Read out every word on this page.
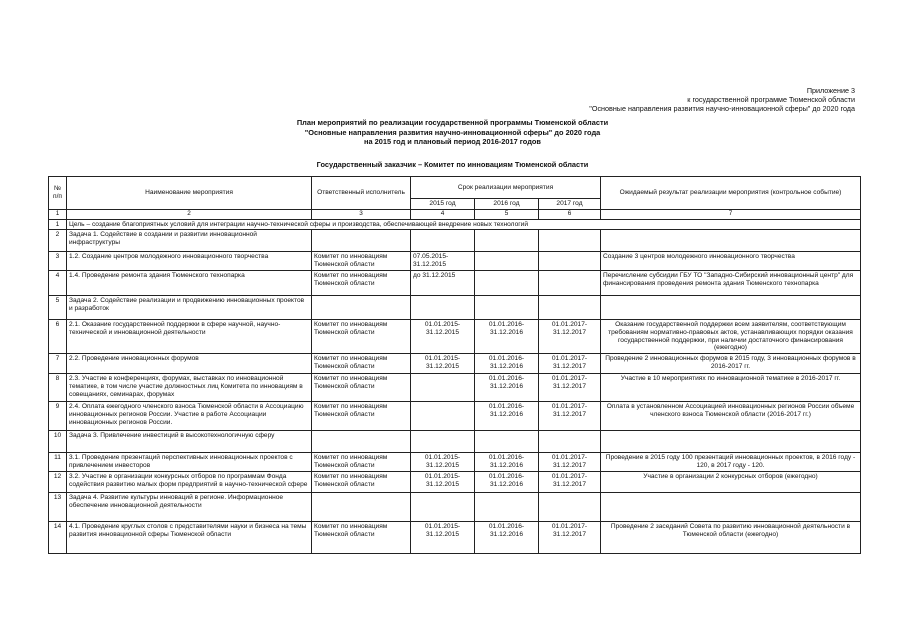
Приложение 3
к государственной программе Тюменской области
"Основные направления развития научно-инновационной сферы" до 2020 года
План мероприятий по реализации государственной программы Тюменской области
"Основные направления развития научно-инновационной сферы" до 2020 года
на 2015 год и плановый период 2016-2017 годов
Государственный заказчик – Комитет по инновациям Тюменской области
№ п/п	Наименование мероприятия	Ответственный исполнитель	Срок реализации мероприятия			Ожидаемый результат реализации мероприятия (контрольное событие)
			2015 год	2016 год	2017 год	
1	2	3	4	5	6	7
1	Цель – создание благоприятных условий для интеграции научно-технической сферы и производства, обеспечивающей внедрение новых технологий					
2	Задача 1. Содействие в создании и развитии инновационной инфраструктуры					
3	1.2. Создание центров молодежного инновационного творчества	Комитет по инновациям Тюменской области	07.05.2015-31.12.2015			Создание 3 центров молодежного инновационного творчества
4	1.4. Проведение ремонта здания Тюменского технопарка	Комитет по инновациям Тюменской области	до 31.12.2015			Перечисление субсидии ГБУ ТО "Западно-Сибирский инновационный центр" для финансирования проведения ремонта здания Тюменского технопарка
5	Задача 2. Содействие реализации и продвижению инновационных проектов и разработок					
6	2.1. Оказание государственной поддержки в сфере научной, научно-технической и инновационной деятельности	Комитет по инновациям Тюменской области	01.01.2015-31.12.2015	01.01.2016-31.12.2016	01.01.2017-31.12.2017	Оказание государственной поддержки всем заявителям, соответствующим требованиям нормативно-правовых актов, устанавливающих порядки оказания государственной поддержки, при наличии достаточного финансирования (ежегодно)
7	2.2. Проведение инновационных форумов	Комитет по инновациям Тюменской области	01.01.2015-31.12.2015	01.01.2016-31.12.2016	01.01.2017-31.12.2017	Проведение 2 инновационных форумов в 2015 году, 3 инновационных форумов в 2016-2017 гг.
8	2.3. Участие в конференциях, форумах, выставках по инновационной тематике, в том числе участие должностных лиц Комитета по инновациям в совещаниях, семинарах, форумах	Комитет по инновациям Тюменской области		01.01.2016-31.12.2016	01.01.2017-31.12.2017	Участие в 10 мероприятиях по инновационной тематике в 2016-2017 гг.
9	2.4. Оплата ежегодного членского взноса Тюменской области в Ассоциацию инновационных регионов России. Участие в работе Ассоциации инновационных регионов России.	Комитет по инновациям Тюменской области		01.01.2016-31.12.2016	01.01.2017-31.12.2017	Оплата в установленном Ассоциацией инновационных регионов России объеме членского взноса Тюменской области (2016-2017 гг.)
10	Задача 3. Привлечение инвестиций в высокотехнологичную сферу					
11	3.1. Проведение презентаций перспективных инновационных проектов с привлечением инвесторов	Комитет по инновациям Тюменской области	01.01.2015-31.12.2015	01.01.2016-31.12.2016	01.01.2017-31.12.2017	Проведение в 2015 году 100 презентаций инновационных проектов, в 2016 году - 120, в 2017 году - 120.
12	3.2. Участие в организации конкурсных отборов по программам Фонда содействия развитию малых форм предприятий в научно-технической сфере	Комитет по инновациям Тюменской области	01.01.2015-31.12.2015	01.01.2016-31.12.2016	01.01.2017-31.12.2017	Участие в организации 2 конкурсных отборов (ежегодно)
13	Задача 4. Развитие культуры инноваций в регионе. Информационное обеспечение инновационной деятельности					
14	4.1. Проведение круглых столов с представителями науки и бизнеса на темы развития инновационной сферы Тюменской области	Комитет по инновациям Тюменской области	01.01.2015-31.12.2015	01.01.2016-31.12.2016	01.01.2017-31.12.2017	Проведение 2 заседаний Совета по развитию инновационной деятельности в Тюменской области (ежегодно)
